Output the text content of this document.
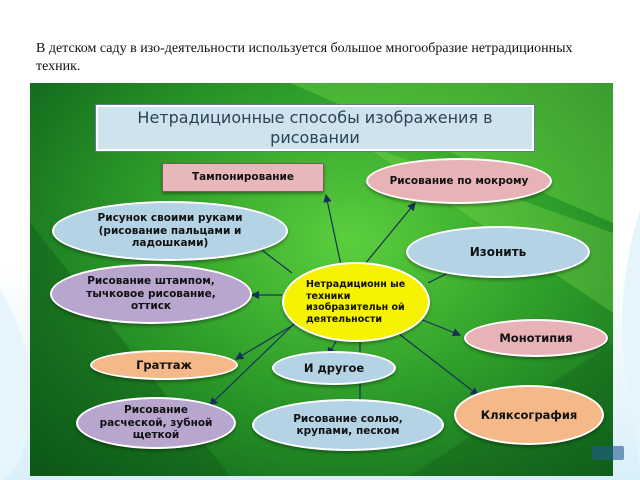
В детском саду в изо-деятельности используется большое многообразие нетрадиционных техник.
Нетрадиционные способы изображения в рисовании
Тампонирование	Рисование по мокрому
Рисунок своими руками (рисование пальцами и ладошками)
Изонить
Рисование штампом, тычковое рисование, оттиск
Нетрадиционн ые техники изобразительн ой деятельности
Монотипия
Граттаж	И другое
Рисование расческой, зубной щеткой
Рисование солью, крупами, песком
Кляксография
